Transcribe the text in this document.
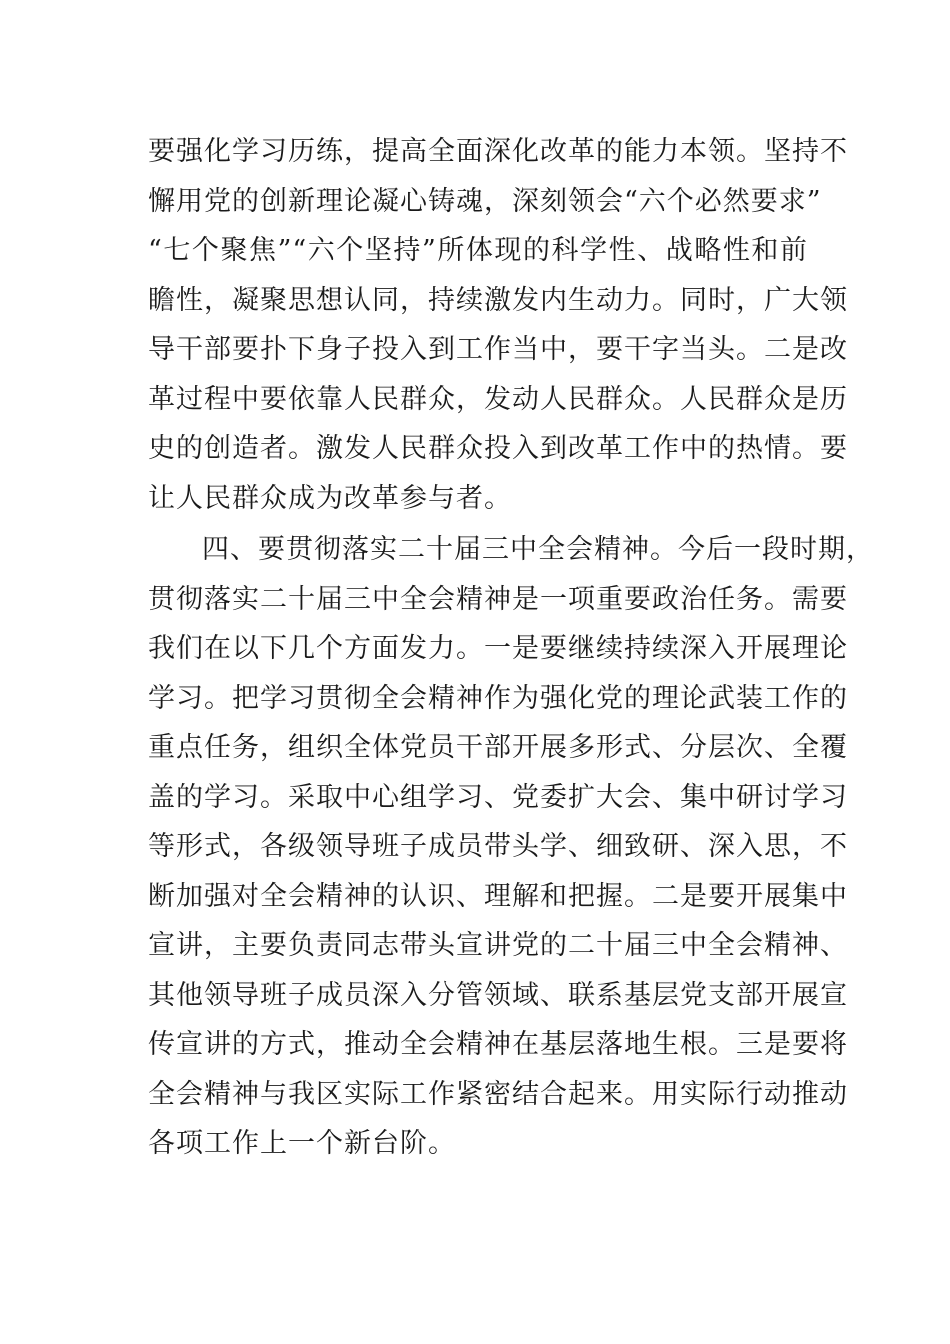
要强化学习历练，提高全面深化改革的能力本领。坚持不
懈用党的创新理论凝心铸魂，深刻领会“六个必然要求”
“七个聚焦”“六个坚持”所体现的科学性、战略性和前
瞻性，凝聚思想认同，持续激发内生动力。同时，广大领
导干部要扑下身子投入到工作当中，要干字当头。二是改
革过程中要依靠人民群众，发动人民群众。人民群众是历
史的创造者。激发人民群众投入到改革工作中的热情。要
让人民群众成为改革参与者。
四、要贯彻落实二十届三中全会精神。今后一段时期，
贯彻落实二十届三中全会精神是一项重要政治任务。需要
我们在以下几个方面发力。一是要继续持续深入开展理论
学习。把学习贯彻全会精神作为强化党的理论武装工作的
重点任务，组织全体党员干部开展多形式、分层次、全覆
盖的学习。采取中心组学习、党委扩大会、集中研讨学习
等形式，各级领导班子成员带头学、细致研、深入思，不
断加强对全会精神的认识、理解和把握。二是要开展集中
宣讲，主要负责同志带头宣讲党的二十届三中全会精神、
其他领导班子成员深入分管领域、联系基层党支部开展宣
传宣讲的方式，推动全会精神在基层落地生根。三是要将
全会精神与我区实际工作紧密结合起来。用实际行动推动
各项工作上一个新台阶。
